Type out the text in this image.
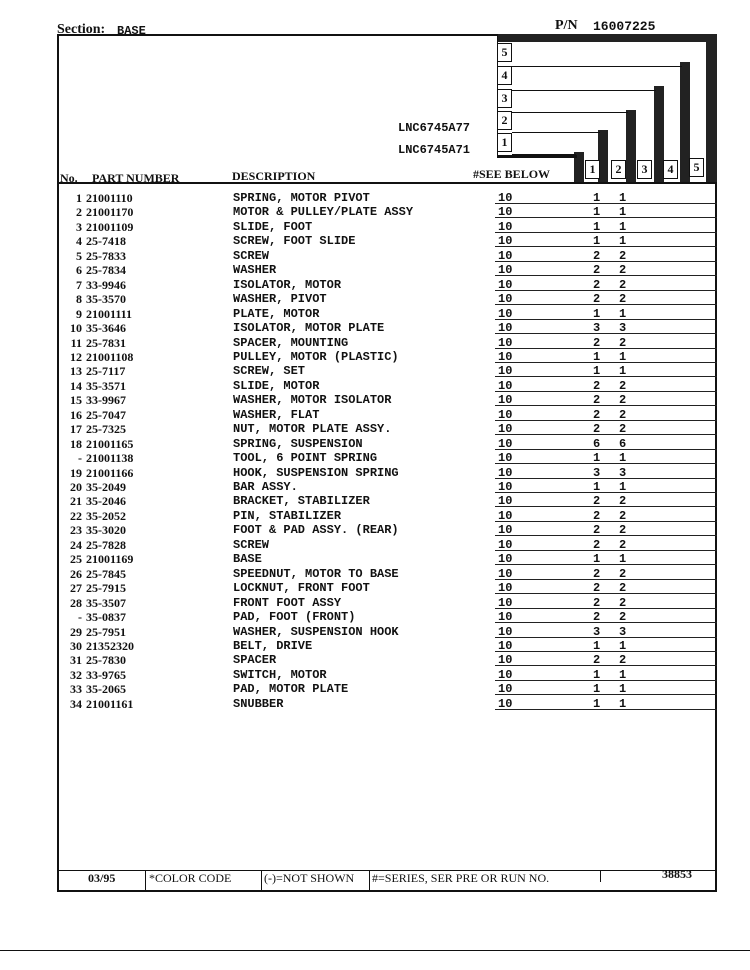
Section: BASE	P/N 16007225
5
4
3
2
1
LNC6745A77
LNC6745A71
No. PART NUMBER	DESCRIPTION	#SEE BELOW	1	2	3	4	5
1 21001110	SPRING, MOTOR PIVOT	10	1 1
2 21001170	MOTOR & PULLEY/PLATE ASSY	10	1 1
3 21001109	SLIDE, FOOT	10	1 1
4 25-7418	SCREW, FOOT SLIDE	10	1 1
5 25-7833	SCREW	10	2 2
6 25-7834	WASHER	10	2 2
7 33-9946	ISOLATOR, MOTOR	10	2 2
8 35-3570	WASHER, PIVOT	10	2 2
9 21001111	PLATE, MOTOR	10	1 1
10 35-3646	ISOLATOR, MOTOR PLATE	10	3 3
11 25-7831	SPACER, MOUNTING	10	2 2
12 21001108	PULLEY, MOTOR (PLASTIC)	10	1 1
13 25-7117	SCREW, SET	10	1 1
14 35-3571	SLIDE, MOTOR	10	2 2
15 33-9967	WASHER, MOTOR ISOLATOR	10	2 2
16 25-7047	WASHER, FLAT	10	2 2
17 25-7325	NUT, MOTOR PLATE ASSY.	10	2 2
18 21001165	SPRING, SUSPENSION	10	6 6
- 21001138	TOOL, 6 POINT SPRING	10	1 1
19 21001166	HOOK, SUSPENSION SPRING	10	3 3
20 35-2049	BAR ASSY.	10	1 1
21 35-2046	BRACKET, STABILIZER	10	2 2
22 35-2052	PIN, STABILIZER	10	2 2
23 35-3020	FOOT & PAD ASSY. (REAR)	10	2 2
24 25-7828	SCREW	10	2 2
25 21001169	BASE	10	1 1
26 25-7845	SPEEDNUT, MOTOR TO BASE	10	2 2
27 25-7915	LOCKNUT, FRONT FOOT	10	2 2
28 35-3507	FRONT FOOT ASSY	10	2 2
- 35-0837	PAD, FOOT (FRONT)	10	2 2
29 25-7951	WASHER, SUSPENSION HOOK	10	3 3
30 21352320	BELT, DRIVE	10	1 1
31 25-7830	SPACER	10	2 2
32 33-9765	SWITCH, MOTOR	10	1 1
33 35-2065	PAD, MOTOR PLATE	10	1 1
34 21001161	SNUBBER	10	1 1
03/95	*COLOR CODE	(-)=NOT SHOWN #=SERIES, SER PRE OR RUN NO.	38853
